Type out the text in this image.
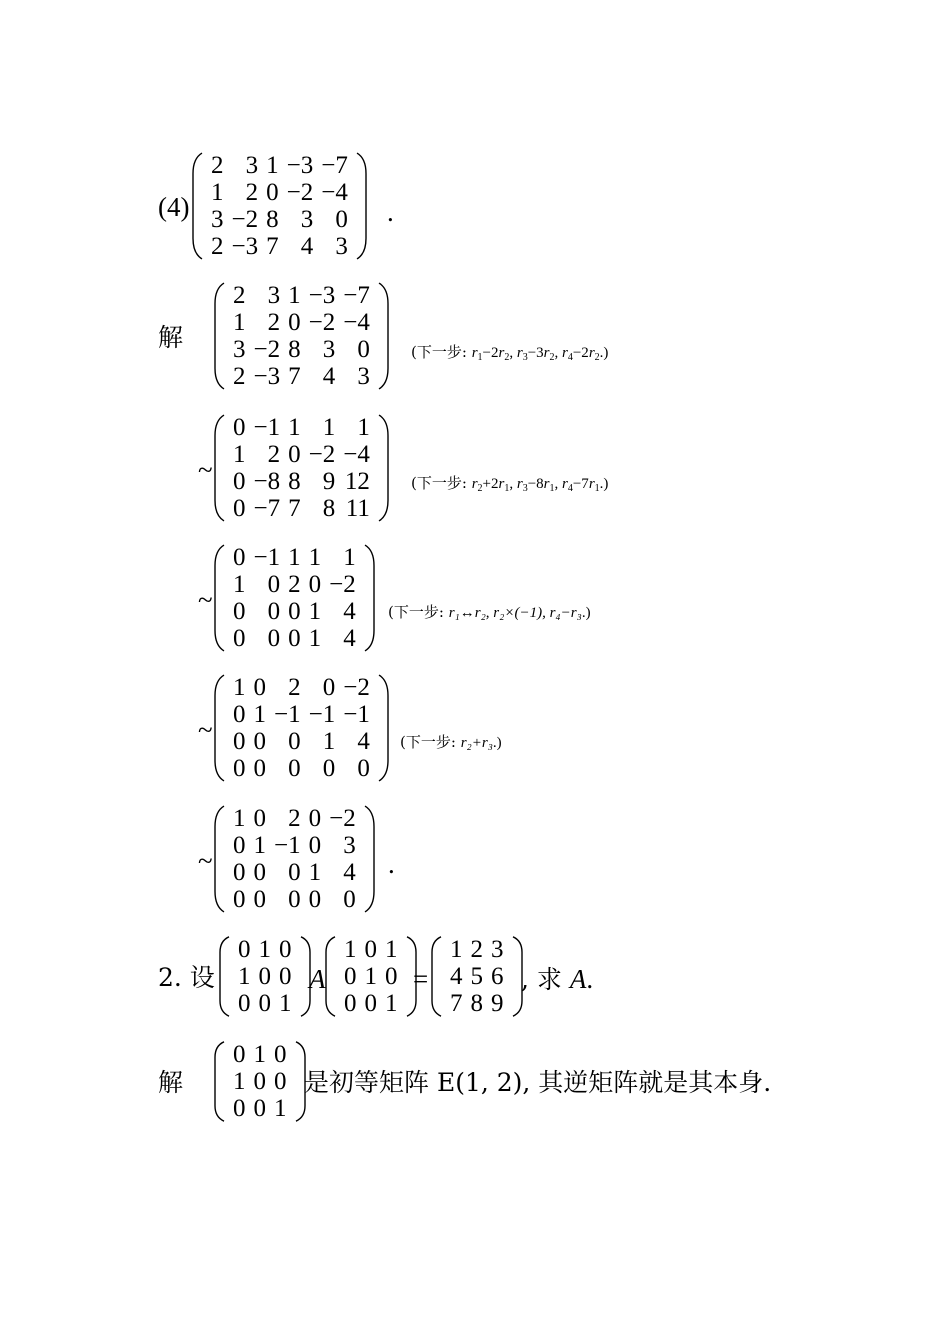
(4)
2 3 1 −3 −7
1 2 0 −2 −4
3 −2 8 3 0
2 −3 7 4 3
.
解
2 3 1 −3 −7
1 2 0 −2 −4
3 −2 8 3 0
2 −3 7 4 3
(下一步: $r_1-2r_2$, $r_3-3r_2$, $r_4-2r_2$.)
~
0 −1 1 1 1
1 2 0 −2 −4
0 −8 8 9 12
0 −7 7 8 11
(下一步: $r_2+2r_1$, $r_3-8r_1$, $r_4-7r_1$.)
~
0 −1 1 1 1
1 0 2 0 −2
0 0 0 1 4
0 0 0 1 4
(下一步: r₁↔r₂, r₂×(−1), r₄−r₃.)
~
1 0 2 0 −2
0 1 −1 −1 −1
0 0 0 1 4
0 0 0 0 0
(下一步: r₂+r₃.)
~
1 0 2 0 −2
0 1 −1 0 3
0 0 0 1 4
0 0 0 0 0
.
2. 设
0 1 0
1 0 0
0 0 1
A
1 0 1
0 1 0
0 0 1
=
1 2 3
4 5 6
7 8 9
, 求 A.
解
0 1 0
1 0 0
0 0 1
是初等矩阵 E(1, 2), 其逆矩阵就是其本身.
